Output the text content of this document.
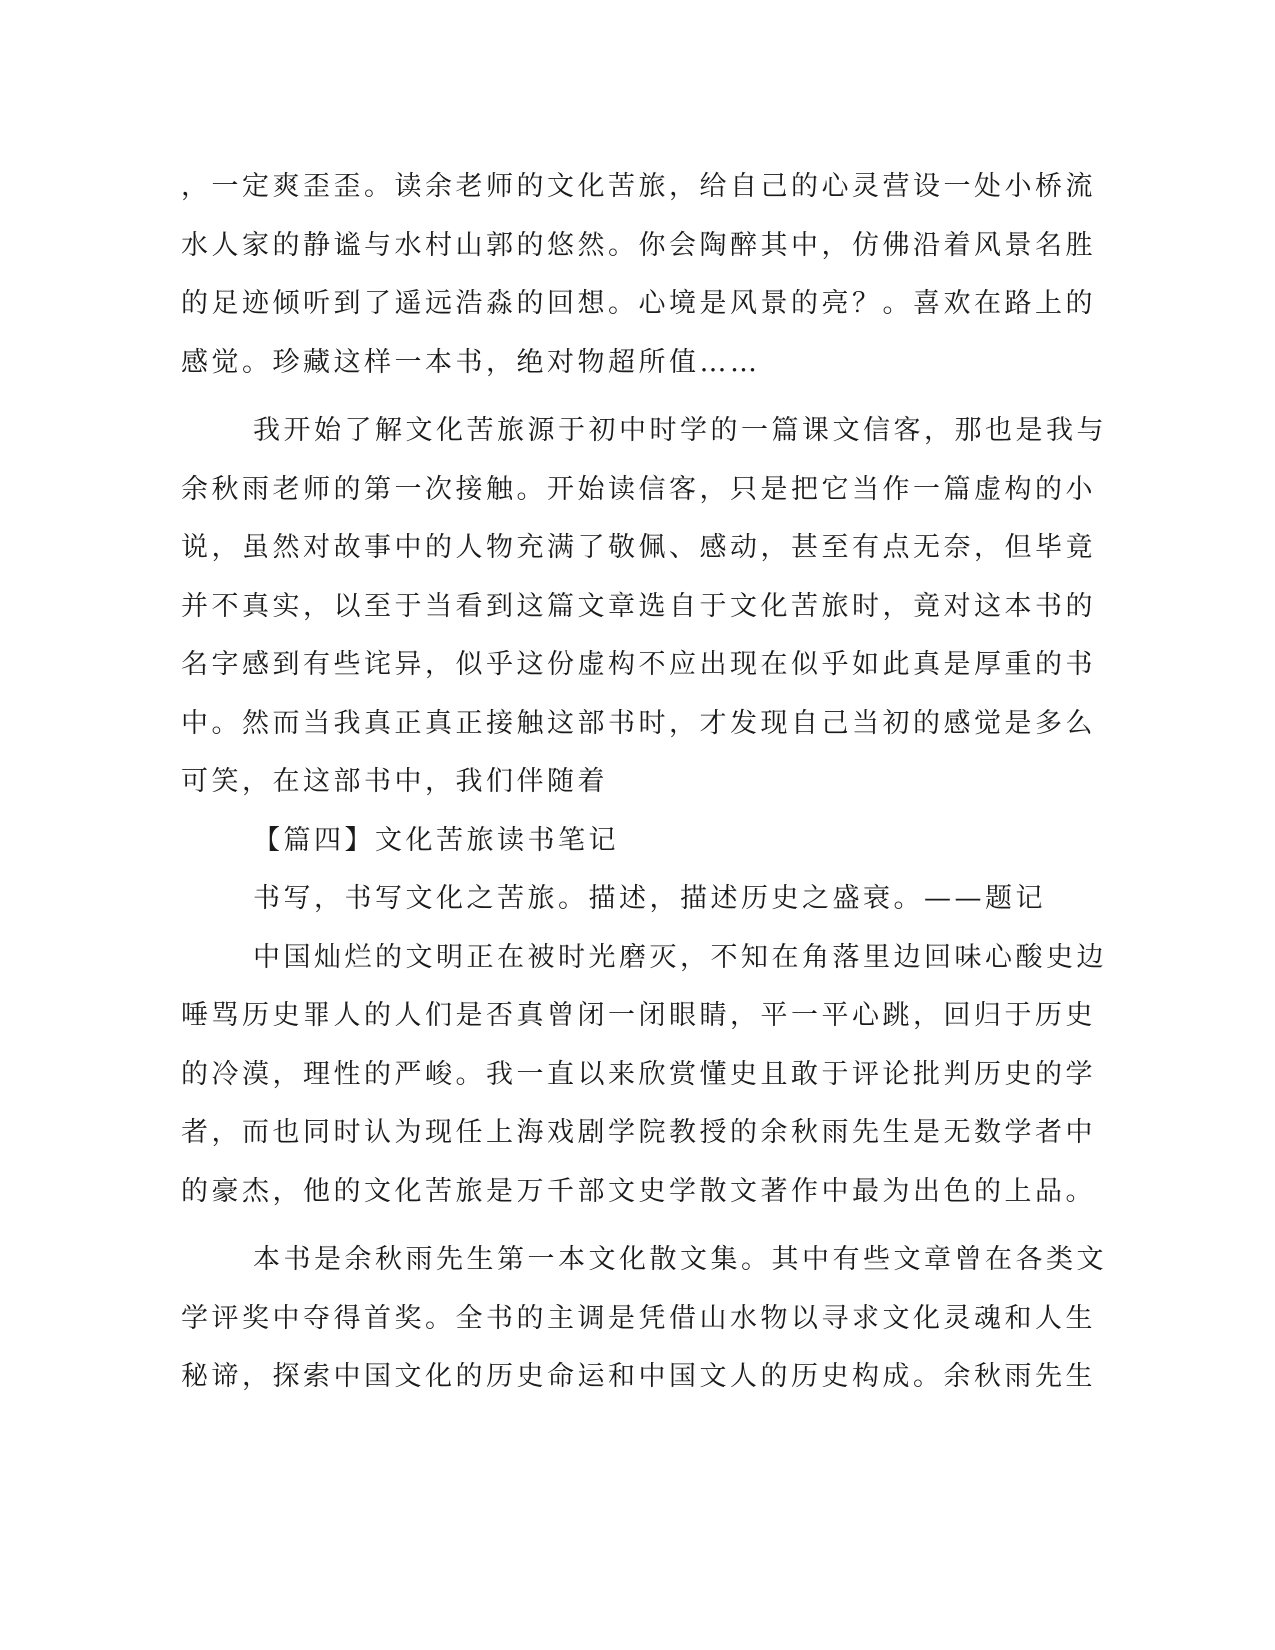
，一定爽歪歪。读余老师的文化苦旅，给自己的心灵营设一处小桥流
水人家的静谧与水村山郭的悠然。你会陶醉其中，仿佛沿着风景名胜
的足迹倾听到了遥远浩淼的回想。心境是风景的亮？。喜欢在路上的
感觉。珍藏这样一本书，绝对物超所值……
我开始了解文化苦旅源于初中时学的一篇课文信客，那也是我与
余秋雨老师的第一次接触。开始读信客，只是把它当作一篇虚构的小
说，虽然对故事中的人物充满了敬佩、感动，甚至有点无奈，但毕竟
并不真实，以至于当看到这篇文章选自于文化苦旅时，竟对这本书的
名字感到有些诧异，似乎这份虚构不应出现在似乎如此真是厚重的书
中。然而当我真正真正接触这部书时，才发现自己当初的感觉是多么
可笑，在这部书中，我们伴随着
【篇四】文化苦旅读书笔记
书写，书写文化之苦旅。描述，描述历史之盛衰。——题记
中国灿烂的文明正在被时光磨灭，不知在角落里边回味心酸史边
唾骂历史罪人的人们是否真曾闭一闭眼睛，平一平心跳，回归于历史
的冷漠，理性的严峻。我一直以来欣赏懂史且敢于评论批判历史的学
者，而也同时认为现任上海戏剧学院教授的余秋雨先生是无数学者中
的豪杰，他的文化苦旅是万千部文史学散文著作中最为出色的上品。
本书是余秋雨先生第一本文化散文集。其中有些文章曾在各类文
学评奖中夺得首奖。全书的主调是凭借山水物以寻求文化灵魂和人生
秘谛，探索中国文化的历史命运和中国文人的历史构成。余秋雨先生
